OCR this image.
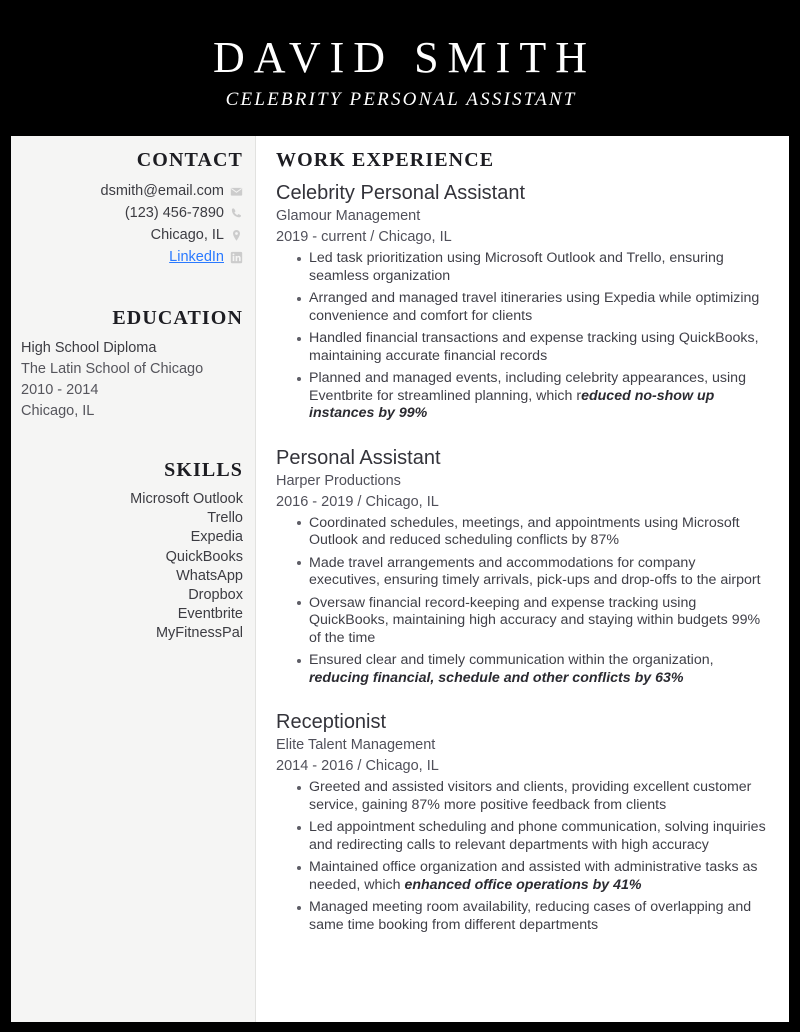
DAVID SMITH
CELEBRITY PERSONAL ASSISTANT
CONTACT
dsmith@email.com
(123) 456-7890
Chicago, IL
LinkedIn
EDUCATION
High School Diploma
The Latin School of Chicago
2010 - 2014
Chicago, IL
SKILLS
Microsoft Outlook
Trello
Expedia
QuickBooks
WhatsApp
Dropbox
Eventbrite
MyFitnessPal
WORK EXPERIENCE
Celebrity Personal Assistant
Glamour Management
2019 - current / Chicago, IL
Led task prioritization using Microsoft Outlook and Trello, ensuring seamless organization
Arranged and managed travel itineraries using Expedia while optimizing convenience and comfort for clients
Handled financial transactions and expense tracking using QuickBooks, maintaining accurate financial records
Planned and managed events, including celebrity appearances, using Eventbrite for streamlined planning, which reduced no-show up instances by 99%
Personal Assistant
Harper Productions
2016 - 2019 / Chicago, IL
Coordinated schedules, meetings, and appointments using Microsoft Outlook and reduced scheduling conflicts by 87%
Made travel arrangements and accommodations for company executives, ensuring timely arrivals, pick-ups and drop-offs to the airport
Oversaw financial record-keeping and expense tracking using QuickBooks, maintaining high accuracy and staying within budgets 99% of the time
Ensured clear and timely communication within the organization, reducing financial, schedule and other conflicts by 63%
Receptionist
Elite Talent Management
2014 - 2016 / Chicago, IL
Greeted and assisted visitors and clients, providing excellent customer service, gaining 87% more positive feedback from clients
Led appointment scheduling and phone communication, solving inquiries and redirecting calls to relevant departments with high accuracy
Maintained office organization and assisted with administrative tasks as needed, which enhanced office operations by 41%
Managed meeting room availability, reducing cases of overlapping and same time booking from different departments
